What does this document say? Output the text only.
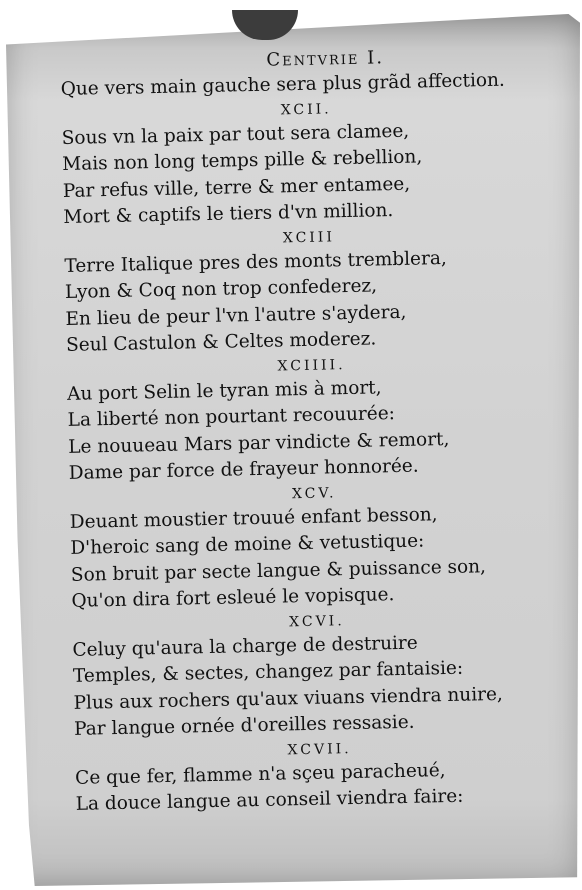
Centvrie I.
Que vers main gauche sera plus grãd affection.
XCII.
Sous vn la paix par tout sera clamee,
Mais non long temps pille & rebellion,
Par refus ville, terre & mer entamee,
Mort & captifs le tiers d'vn million.
XCIII
Terre Italique pres des monts tremblera,
Lyon & Coq non trop confederez,
En lieu de peur l'vn l'autre s'aydera,
Seul Castulon & Celtes moderez.
XCIIII.
Au port Selin le tyran mis à mort,
La liberté non pourtant recouurée:
Le nouueau Mars par vindicte & remort,
Dame par force de frayeur honnorée.
XCV.
Deuant moustier trouué enfant besson,
D'heroic sang de moine & vetustique:
Son bruit par secte langue & puissance son,
Qu'on dira fort esleué le vopisque.
XCVI.
Celuy qu'aura la charge de destruire
Temples, & sectes, changez par fantaisie:
Plus aux rochers qu'aux viuans viendra nuire,
Par langue ornée d'oreilles ressasie.
XCVII.
Ce que fer, flamme n'a sçeu paracheué,
La douce langue au conseil viendra faire:
